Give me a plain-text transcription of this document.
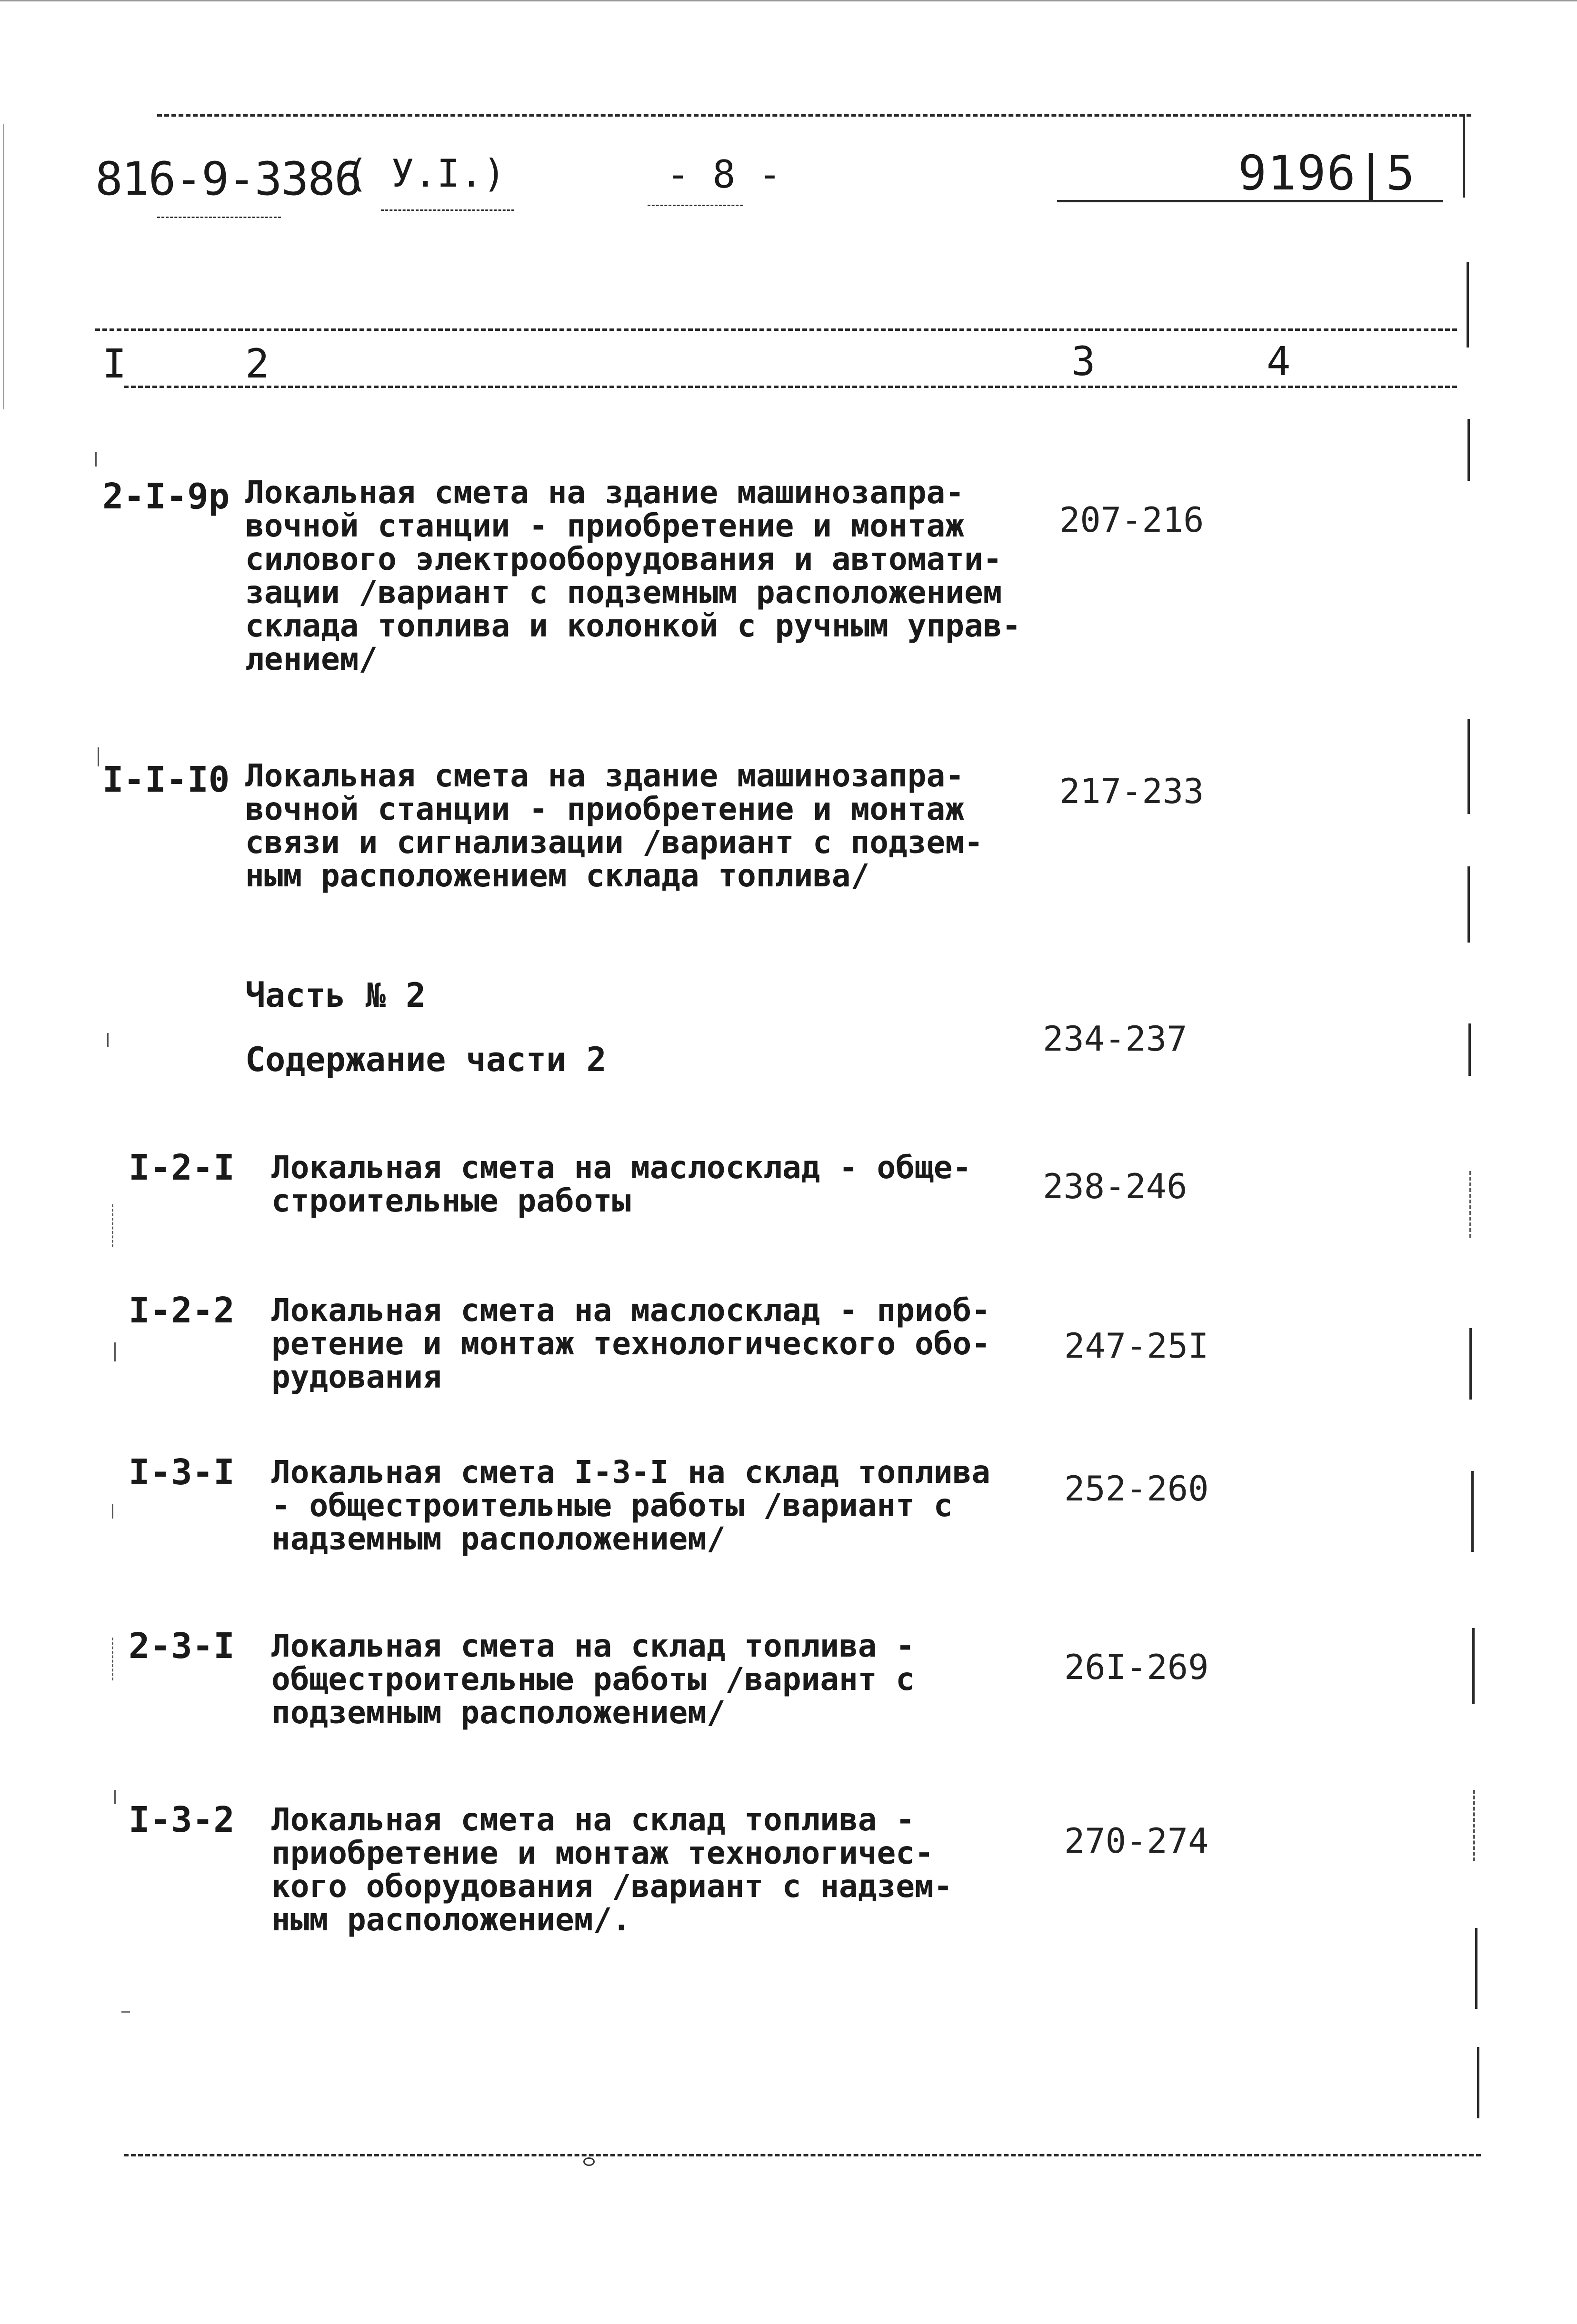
816-9-3386
( У.I.)	- 8 -	9196|5
I	2	3	4
2-I-9р Локальная смета на здание машинозапра-
вочной станции - приобретение и монтаж
силового электрооборудования и автомати-
зации /вариант с подземным расположением
склада топлива и колонкой с ручным управ-
лением/
207-216
I-I-I0 Локальная смета на здание машинозапра-
вочной станции - приобретение и монтаж
связи и сигнализации /вариант с подзем-
ным расположением склада топлива/
217-233
Часть № 2
Содержание части 2
234-237
I-2-I Локальная смета на маслосклад - обще-
строительные работы	238-246
I-2-2 Локальная смета на маслосклад - приоб-
ретение и монтаж технологического обо-
рудования
247-25I
I-3-I Локальная смета I-3-I на склад топлива
- общестроительные работы /вариант с
надземным расположением/
252-260
2-3-I Локальная смета на склад топлива -
общестроительные работы /вариант с
подземным расположением/
26I-269
I-3-2 Локальная смета на склад топлива -
приобретение и монтаж технологичес-
кого оборудования /вариант с надзем-
ным расположением/.
270-274
